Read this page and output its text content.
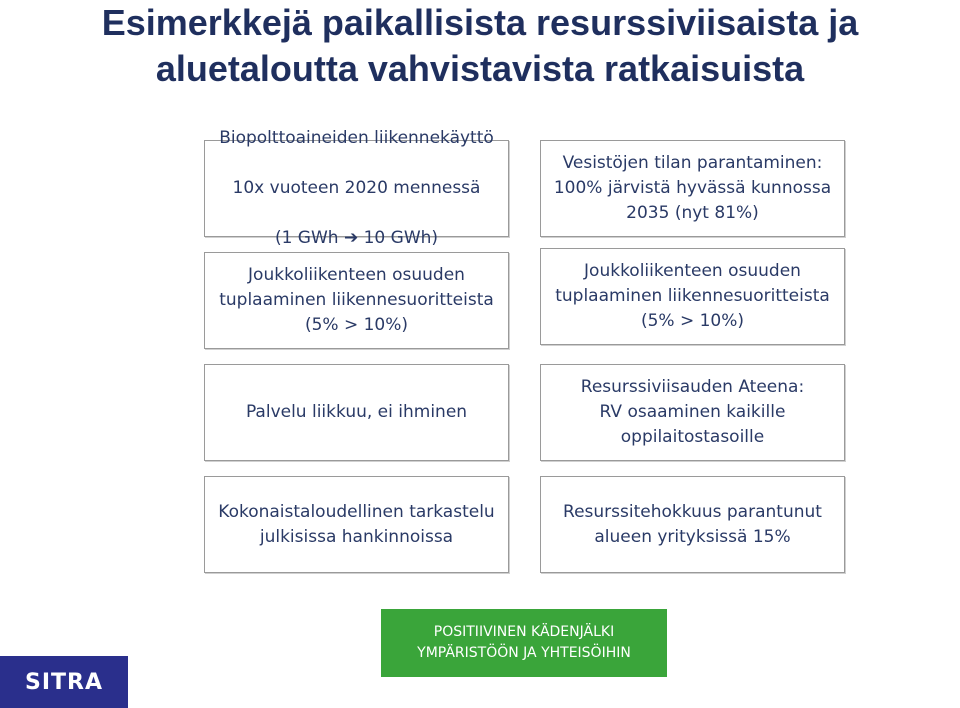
Esimerkkejä paikallisista resurssiviisaista ja
aluetaloutta vahvistavista ratkaisuista

Biopolttoaineiden liikennekäyttö

10x vuoteen 2020 mennessä

(1 GWh ➔ 10 GWh)

Vesistöjen tilan parantaminen:
100% järvistä hyvässä kunnossa
2035 (nyt 81%)
Joukkoliikenteen osuuden
tuplaaminen liikennesuoritteista
(5% > 10%)
Joukkoliikenteen osuuden
tuplaaminen liikennesuoritteista
(5% > 10%)
Palvelu liikkuu, ei ihminen
Resurssiviisauden Ateena:
RV osaaminen kaikille
oppilaitostasoille
Kokonaistaloudellinen tarkastelu
julkisissa hankinnoissa
Resurssitehokkuus parantunut
alueen yrityksissä 15%
POSITIIVINEN KÄDENJÄLKI
YMPÄRISTÖÖN JA YHTEISÖIHIN
SITRA
